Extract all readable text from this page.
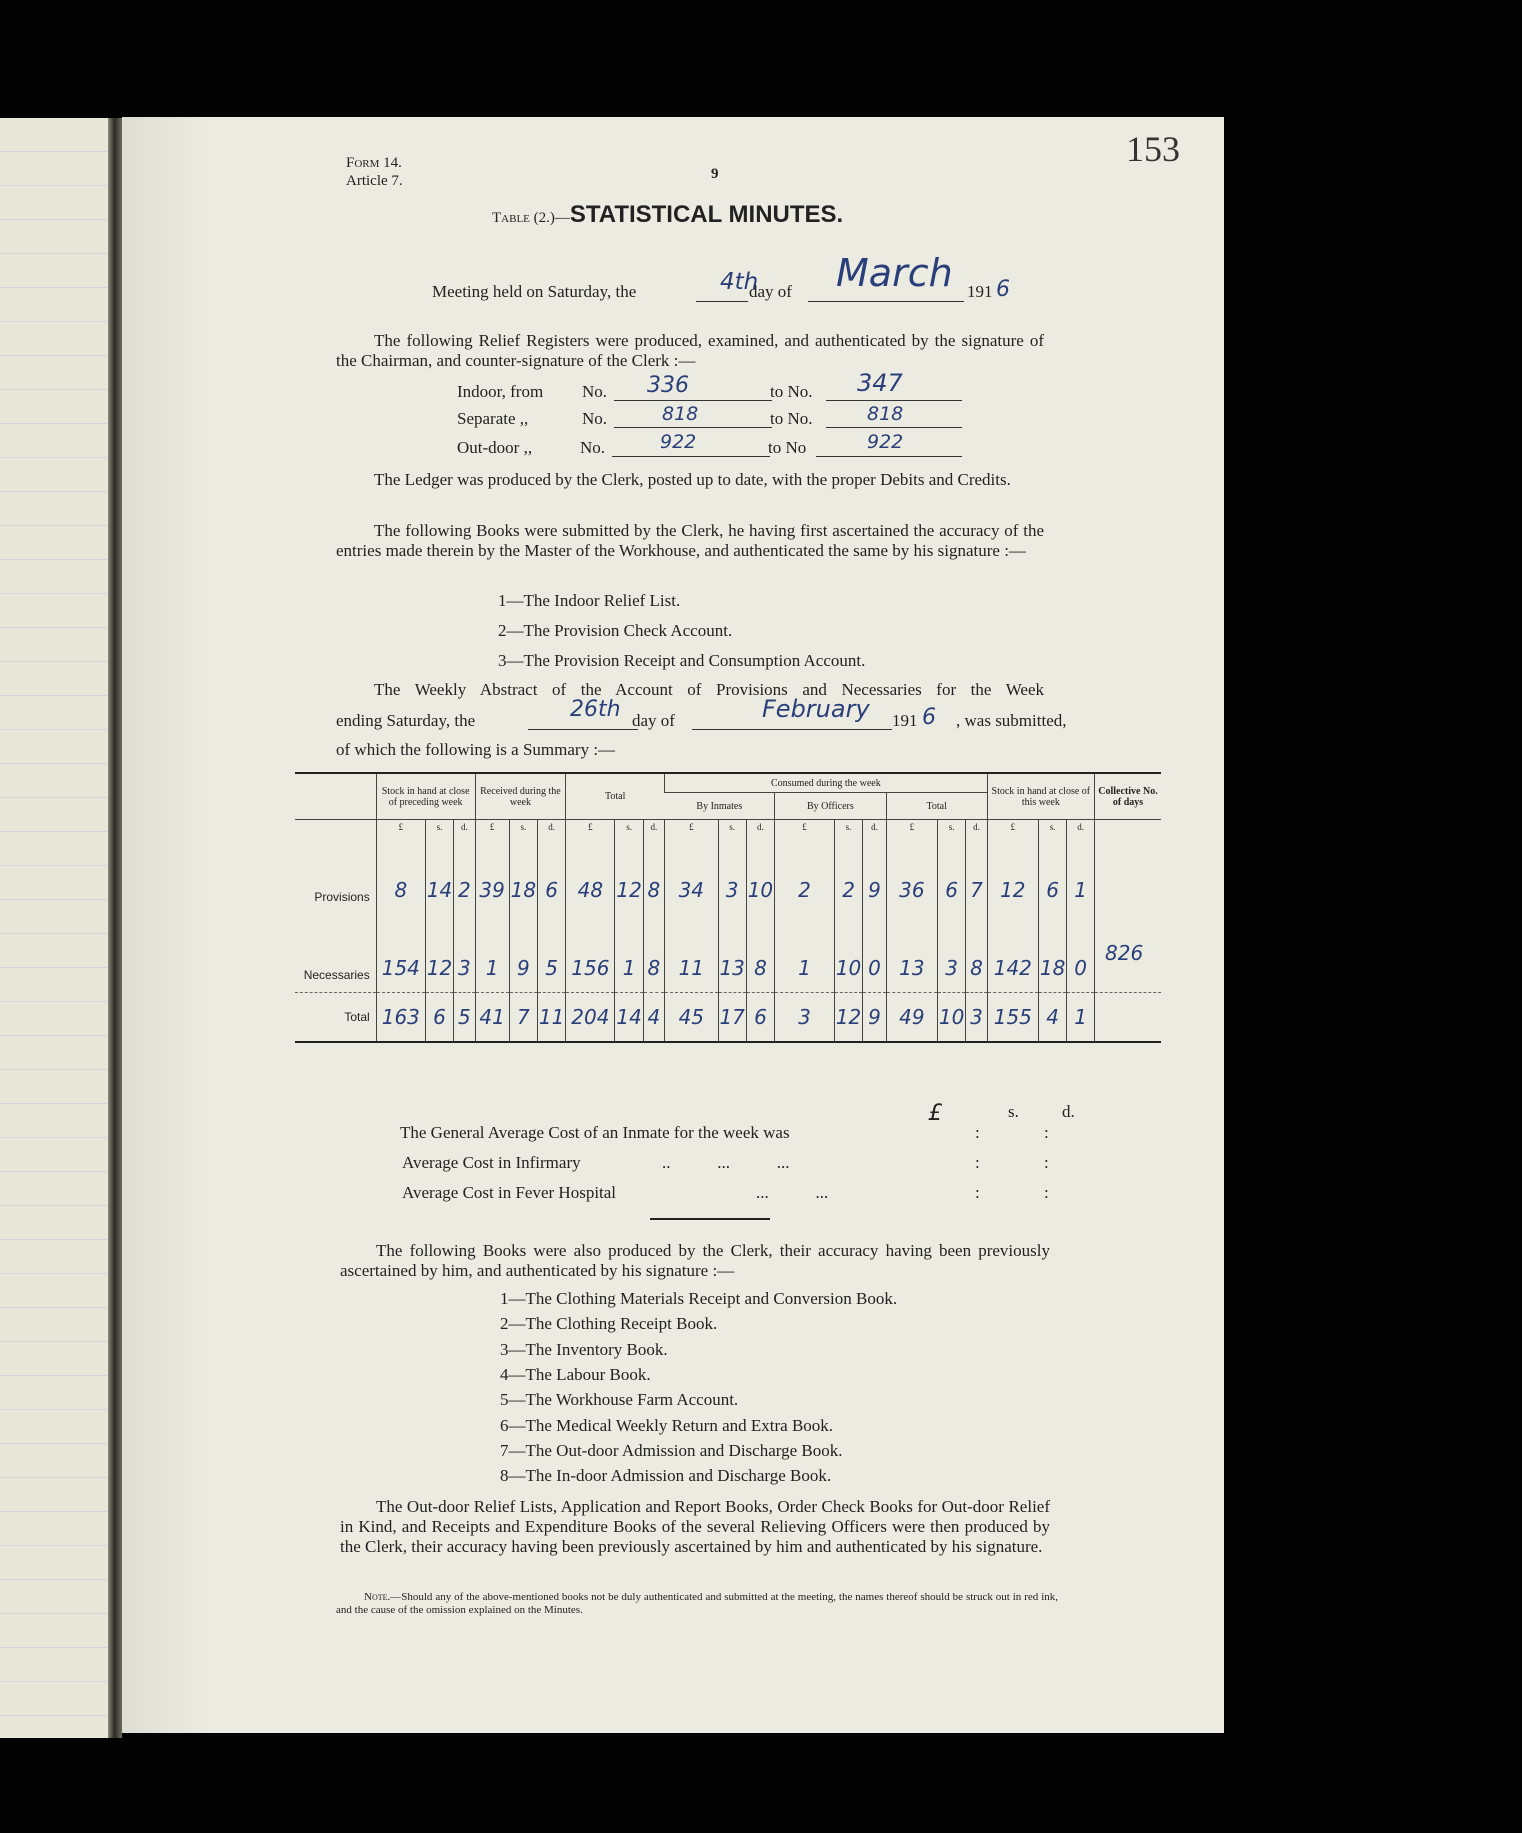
153
Form 14.
Article 7.	9
Table (2.)—STATISTICAL MINUTES.
Meeting held on Saturday, the	4th
day of March 191 6
The following Relief Registers were produced, examined, and authenticated by the signature of the Chairman, and counter-signature of the Clerk :—
Indoor, from No. 336	to No. 347
Separate ,,	No.	818	to No.	818
Out-door ,,	No.	922	to No	922
The Ledger was produced by the Clerk, posted up to date, with the proper Debits and Credits.
The following Books were submitted by the Clerk, he having first ascertained the accuracy of the entries made therein by the Master of the Workhouse, and authenticated the same by his signature :—
1—The Indoor Relief List.
2—The Provision Check Account.
3—The Provision Receipt and Consumption Account.
The Weekly Abstract of the Account of Provisions and Necessaries for the Week
ending Saturday, the	26th day of	February 191 6 , was submitted,
of which the following is a Summary :—
	Stock in hand at close of preceding week			Received during the week			Total			Consumed during the week									Stock in hand at close of this week			Collective No. of days
										By Inmates			By Officers			Total						
	£	s.	d.	£	s.	d.	£	s.	d.	£	s.	d.	£	s.	d.	£	s.	d.	£	s.	d.	
Provisions	8	14	2	39	18	6	48	12	8	34	3	10	2	2	9	36	6	7	12	6	1	
Necessaries	154	12	3	1	9	5	156	1	8	11	13	8	1	10	0	13	3	8	142	18	0	826
Total	163	6	5	41	7	11	204	14	4	45	17	6	3	12	9	49	10	3	155	4	1	
£	s.	d.
The General Average Cost of an Inmate for the week was	:	:
Average Cost in Infirmary	..           ...           ...	:	:
Average Cost in Fever Hospital	...           ...	:	:
The following Books were also produced by the Clerk, their accuracy having been previously ascertained by him, and authenticated by his signature :—
1—The Clothing Materials Receipt and Conversion Book.
2—The Clothing Receipt Book.
3—The Inventory Book.
4—The Labour Book.
5—The Workhouse Farm Account.
6—The Medical Weekly Return and Extra Book.
7—The Out-door Admission and Discharge Book.
8—The In-door Admission and Discharge Book.
The Out-door Relief Lists, Application and Report Books, Order Check Books for Out-door Relief in Kind, and Receipts and Expenditure Books of the several Relieving Officers were then produced by the Clerk, their accuracy having been previously ascertained by him and authenticated by his signature.
Note.—Should any of the above-mentioned books not be duly authenticated and submitted at the meeting, the names thereof should be struck out in red ink, and the cause of the omission explained on the Minutes.
